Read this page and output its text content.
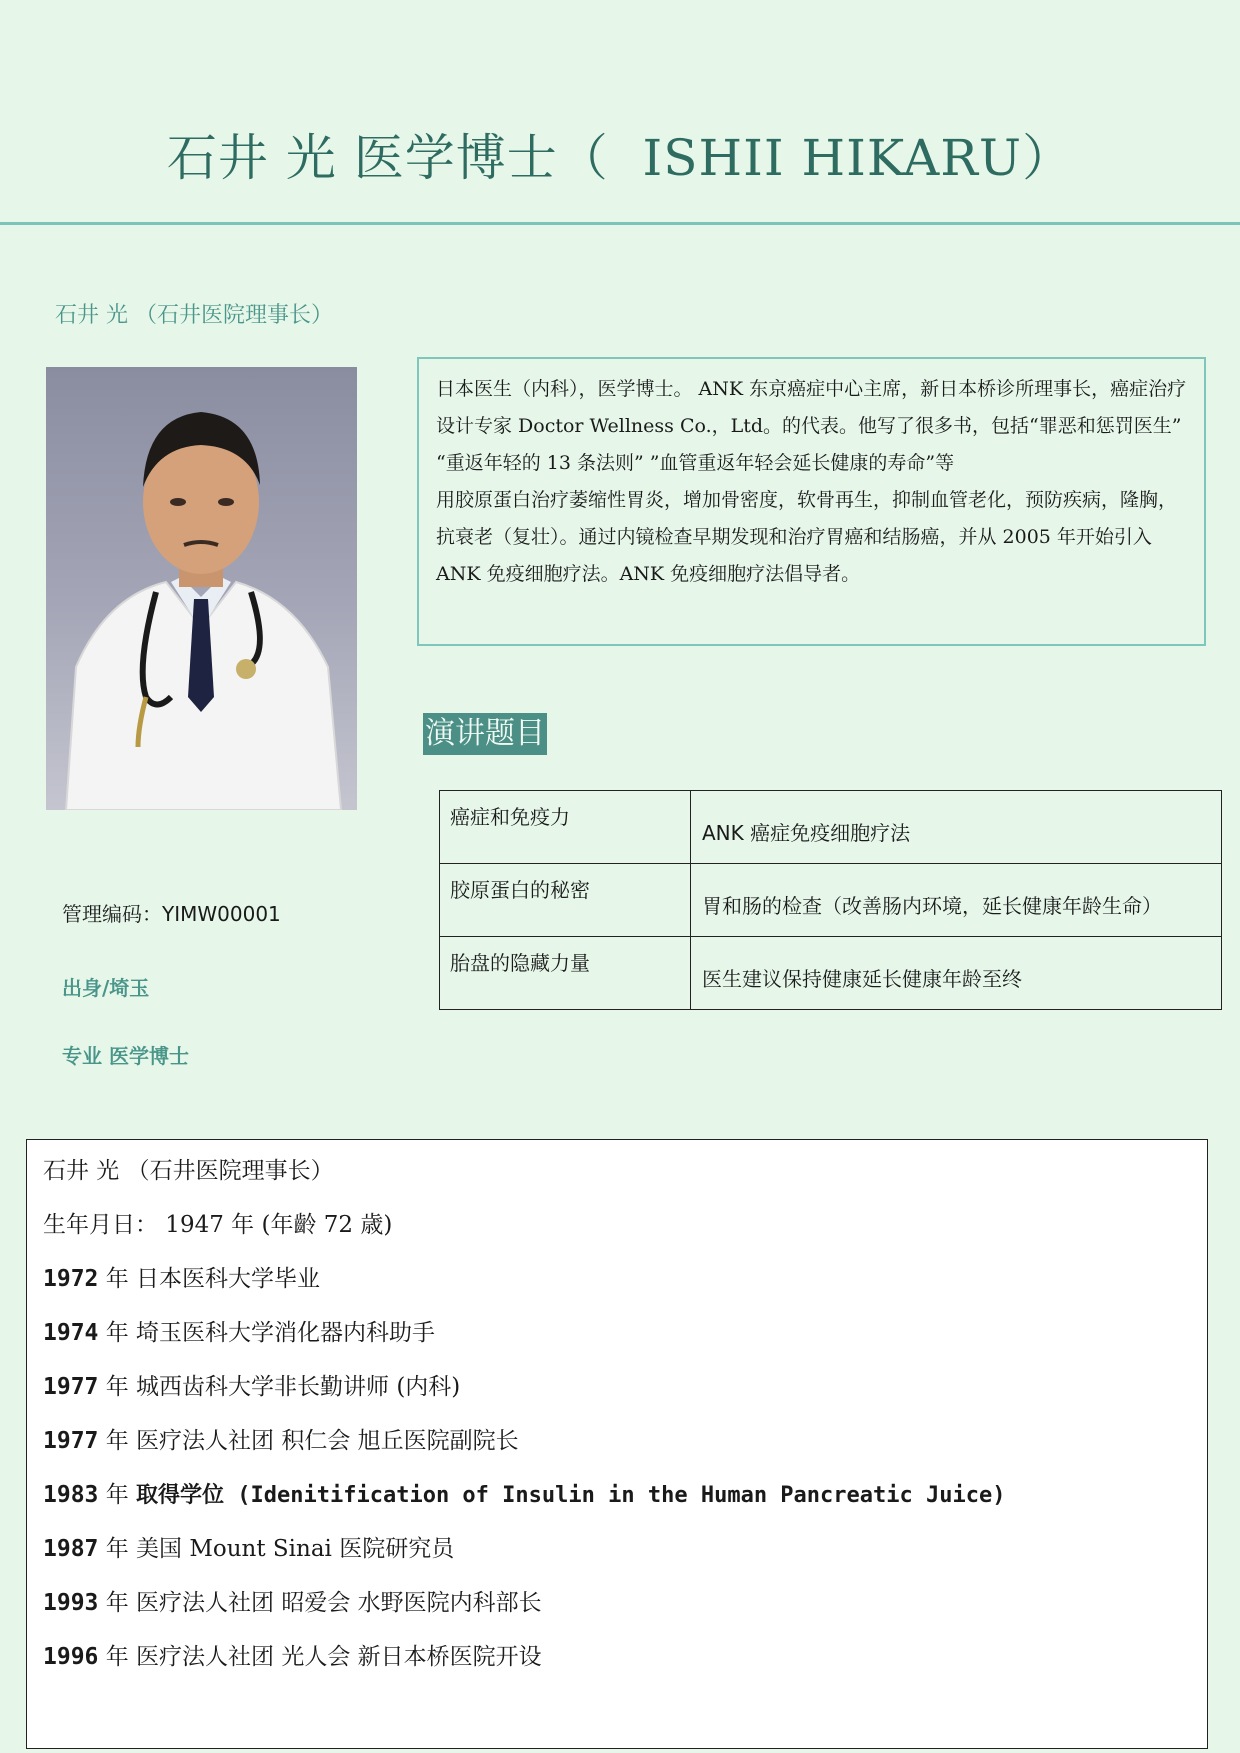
石井 光 医学博士（  ISHII HIKARU）
石井 光 （石井医院理事长）

日本医生（内科），医学博士。 ANK 东京癌症中心主席，新日本桥诊所理事长，癌症治疗设计专家 Doctor Wellness Co.，Ltd。的代表。他写了很多书，包括“罪恶和惩罚医生” “重返年轻的 13 条法则” ”血管重返年轻会延长健康的寿命”等

用胶原蛋白治疗萎缩性胃炎，增加骨密度，软骨再生，抑制血管老化，预防疾病，隆胸，抗衰老（复壮）。通过内镜检查早期发现和治疗胃癌和结肠癌，并从 2005 年开始引入 ANK 免疫细胞疗法。ANK 免疫细胞疗法倡导者。

演讲题目
癌症和免疫力	ANK 癌症免疫细胞疗法
胶原蛋白的秘密	胃和肠的检查（改善肠内环境，延长健康年龄生命）
胎盘的隐藏力量	医生建议保持健康延长健康年龄至终
管理编码：YIMW00001
出身/埼玉
专业 医学博士
石井 光 （石井医院理事长）
生年月日： 1947 年 (年齡 72 歳)
1972 年 日本医科大学毕业
1974 年 埼玉医科大学消化器内科助手
1977 年 城西齿科大学非长勤讲师 (内科)
1977 年 医疗法人社团 积仁会 旭丘医院副院长
1983 年 取得学位 (Idenitification of Insulin in the Human Pancreatic Juice)
1987 年 美国 Mount Sinai 医院研究员
1993 年 医疗法人社团 昭爱会 水野医院内科部长
1996 年 医疗法人社团 光人会 新日本桥医院开设
